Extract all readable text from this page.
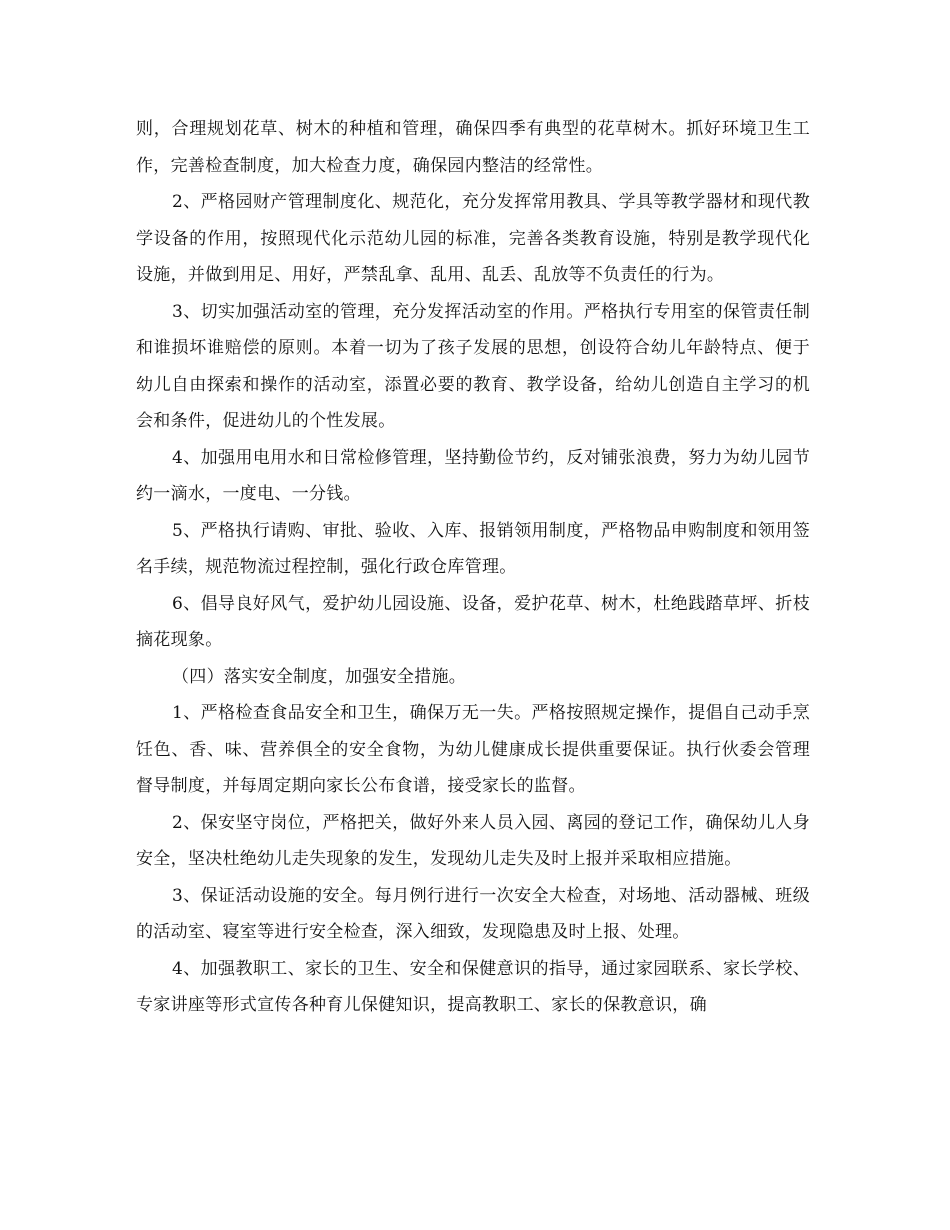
则，合理规划花草、树木的种植和管理，确保四季有典型的花草树木。抓好环境卫生工作，完善检查制度，加大检查力度，确保园内整洁的经常性。

2、严格园财产管理制度化、规范化，充分发挥常用教具、学具等教学器材和现代教学设备的作用，按照现代化示范幼儿园的标准，完善各类教育设施，特别是教学现代化设施，并做到用足、用好，严禁乱拿、乱用、乱丢、乱放等不负责任的行为。

3、切实加强活动室的管理，充分发挥活动室的作用。严格执行专用室的保管责任制和谁损坏谁赔偿的原则。本着一切为了孩子发展的思想，创设符合幼儿年龄特点、便于幼儿自由探索和操作的活动室，添置必要的教育、教学设备，给幼儿创造自主学习的机会和条件，促进幼儿的个性发展。

4、加强用电用水和日常检修管理，坚持勤俭节约，反对铺张浪费，努力为幼儿园节约一滴水，一度电、一分钱。

5、严格执行请购、审批、验收、入库、报销领用制度，严格物品申购制度和领用签名手续，规范物流过程控制，强化行政仓库管理。

6、倡导良好风气，爱护幼儿园设施、设备，爱护花草、树木，杜绝践踏草坪、折枝摘花现象。

（四）落实安全制度，加强安全措施。

1、严格检查食品安全和卫生，确保万无一失。严格按照规定操作，提倡自己动手烹饪色、香、味、营养俱全的安全食物，为幼儿健康成长提供重要保证。执行伙委会管理督导制度，并每周定期向家长公布食谱，接受家长的监督。

2、保安坚守岗位，严格把关，做好外来人员入园、离园的登记工作，确保幼儿人身安全，坚决杜绝幼儿走失现象的发生，发现幼儿走失及时上报并采取相应措施。

3、保证活动设施的安全。每月例行进行一次安全大检查，对场地、活动器械、班级的活动室、寝室等进行安全检查，深入细致，发现隐患及时上报、处理。

4、加强教职工、家长的卫生、安全和保健意识的指导，通过家园联系、家长学校、专家讲座等形式宣传各种育儿保健知识，提高教职工、家长的保教意识，确
